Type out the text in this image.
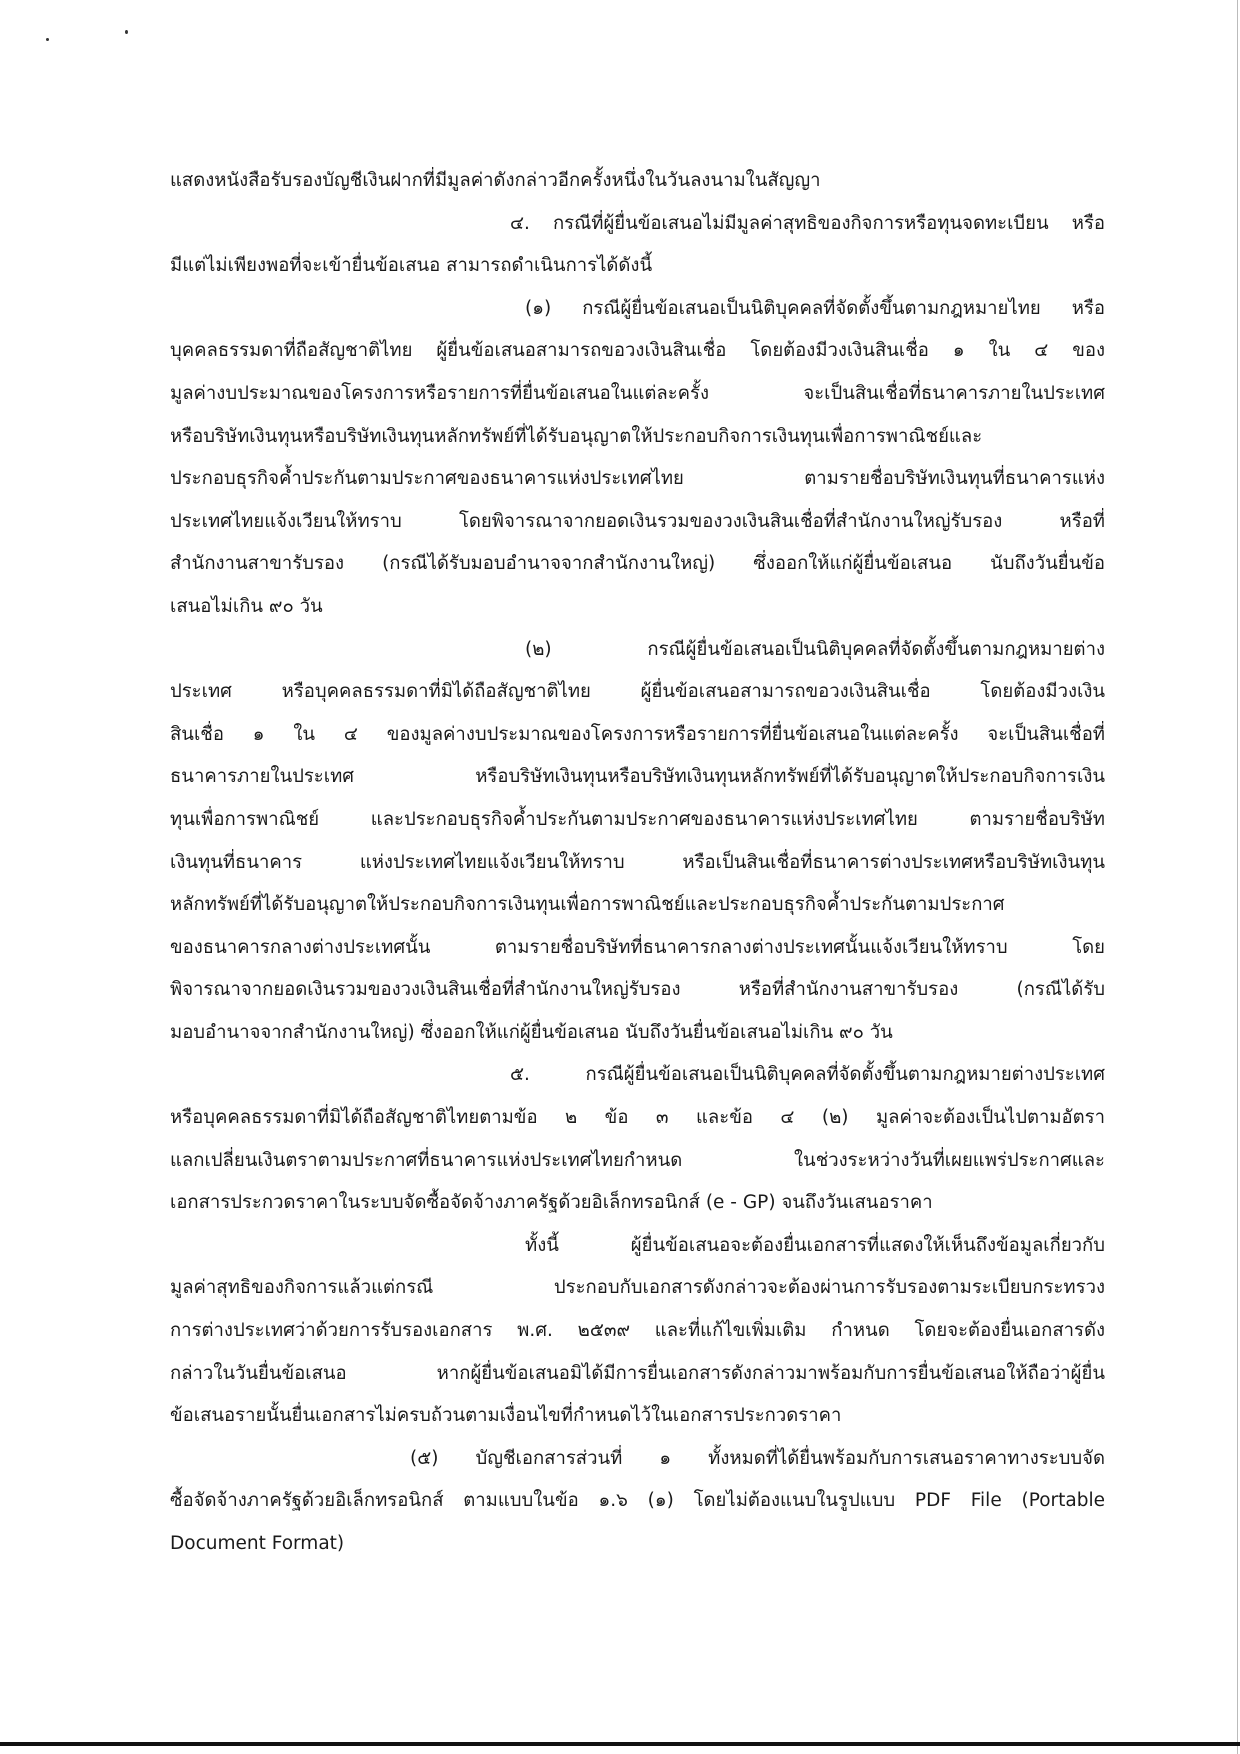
แสดงหนังสือรับรองบัญชีเงินฝากที่มีมูลค่าดังกล่าวอีกครั้งหนึ่งในวันลงนามในสัญญา
๔. กรณีที่ผู้ยื่นข้อเสนอไม่มีมูลค่าสุทธิของกิจการหรือทุนจดทะเบียน หรือ
มีแต่ไม่เพียงพอที่จะเข้ายื่นข้อเสนอ สามารถดำเนินการได้ดังนี้
(๑) กรณีผู้ยื่นข้อเสนอเป็นนิติบุคคลที่จัดตั้งขึ้นตามกฎหมายไทย หรือ
บุคคลธรรมดาที่ถือสัญชาติไทย ผู้ยื่นข้อเสนอสามารถขอวงเงินสินเชื่อ โดยต้องมีวงเงินสินเชื่อ ๑ ใน ๔ ของ
มูลค่างบประมาณของโครงการหรือรายการที่ยื่นข้อเสนอในแต่ละครั้ง จะเป็นสินเชื่อที่ธนาคารภายในประเทศ
หรือบริษัทเงินทุนหรือบริษัทเงินทุนหลักทรัพย์ที่ได้รับอนุญาตให้ประกอบกิจการเงินทุนเพื่อการพาณิชย์และ
ประกอบธุรกิจค้ำประกันตามประกาศของธนาคารแห่งประเทศไทย ตามรายชื่อบริษัทเงินทุนที่ธนาคารแห่ง
ประเทศไทยแจ้งเวียนให้ทราบ โดยพิจารณาจากยอดเงินรวมของวงเงินสินเชื่อที่สำนักงานใหญ่รับรอง หรือที่
สำนักงานสาขารับรอง (กรณีได้รับมอบอำนาจจากสำนักงานใหญ่) ซึ่งออกให้แก่ผู้ยื่นข้อเสนอ นับถึงวันยื่นข้อ
เสนอไม่เกิน ๙๐ วัน
(๒) กรณีผู้ยื่นข้อเสนอเป็นนิติบุคคลที่จัดตั้งขึ้นตามกฎหมายต่าง
ประเทศ หรือบุคคลธรรมดาที่มิได้ถือสัญชาติไทย ผู้ยื่นข้อเสนอสามารถขอวงเงินสินเชื่อ โดยต้องมีวงเงิน
สินเชื่อ ๑ ใน ๔ ของมูลค่างบประมาณของโครงการหรือรายการที่ยื่นข้อเสนอในแต่ละครั้ง จะเป็นสินเชื่อที่
ธนาคารภายในประเทศ หรือบริษัทเงินทุนหรือบริษัทเงินทุนหลักทรัพย์ที่ได้รับอนุญาตให้ประกอบกิจการเงิน
ทุนเพื่อการพาณิชย์ และประกอบธุรกิจค้ำประกันตามประกาศของธนาคารแห่งประเทศไทย ตามรายชื่อบริษัท
เงินทุนที่ธนาคาร แห่งประเทศไทยแจ้งเวียนให้ทราบ หรือเป็นสินเชื่อที่ธนาคารต่างประเทศหรือบริษัทเงินทุน
หลักทรัพย์ที่ได้รับอนุญาตให้ประกอบกิจการเงินทุนเพื่อการพาณิชย์และประกอบธุรกิจค้ำประกันตามประกาศ
ของธนาคารกลางต่างประเทศนั้น ตามรายชื่อบริษัทที่ธนาคารกลางต่างประเทศนั้นแจ้งเวียนให้ทราบ โดย
พิจารณาจากยอดเงินรวมของวงเงินสินเชื่อที่สำนักงานใหญ่รับรอง หรือที่สำนักงานสาขารับรอง (กรณีได้รับ
มอบอำนาจจากสำนักงานใหญ่) ซึ่งออกให้แก่ผู้ยื่นข้อเสนอ นับถึงวันยื่นข้อเสนอไม่เกิน ๙๐ วัน
๕. กรณีผู้ยื่นข้อเสนอเป็นนิติบุคคลที่จัดตั้งขึ้นตามกฎหมายต่างประเทศ
หรือบุคคลธรรมดาที่มิได้ถือสัญชาติไทยตามข้อ ๒ ข้อ ๓ และข้อ ๔ (๒) มูลค่าจะต้องเป็นไปตามอัตรา
แลกเปลี่ยนเงินตราตามประกาศที่ธนาคารแห่งประเทศไทยกำหนด ในช่วงระหว่างวันที่เผยแพร่ประกาศและ
เอกสารประกวดราคาในระบบจัดซื้อจัดจ้างภาครัฐด้วยอิเล็กทรอนิกส์ (e - GP) จนถึงวันเสนอราคา
ทั้งนี้ ผู้ยื่นข้อเสนอจะต้องยื่นเอกสารที่แสดงให้เห็นถึงข้อมูลเกี่ยวกับ
มูลค่าสุทธิของกิจการแล้วแต่กรณี ประกอบกับเอกสารดังกล่าวจะต้องผ่านการรับรองตามระเบียบกระทรวง
การต่างประเทศว่าด้วยการรับรองเอกสาร พ.ศ. ๒๕๓๙ และที่แก้ไขเพิ่มเติม กำหนด โดยจะต้องยื่นเอกสารดัง
กล่าวในวันยื่นข้อเสนอ หากผู้ยื่นข้อเสนอมิได้มีการยื่นเอกสารดังกล่าวมาพร้อมกับการยื่นข้อเสนอให้ถือว่าผู้ยื่น
ข้อเสนอรายนั้นยื่นเอกสารไม่ครบถ้วนตามเงื่อนไขที่กำหนดไว้ในเอกสารประกวดราคา
(๕) บัญชีเอกสารส่วนที่ ๑ ทั้งหมดที่ได้ยื่นพร้อมกับการเสนอราคาทางระบบจัด
ซื้อจัดจ้างภาครัฐด้วยอิเล็กทรอนิกส์ ตามแบบในข้อ ๑.๖ (๑) โดยไม่ต้องแนบในรูปแบบ PDF File (Portable
Document Format)
